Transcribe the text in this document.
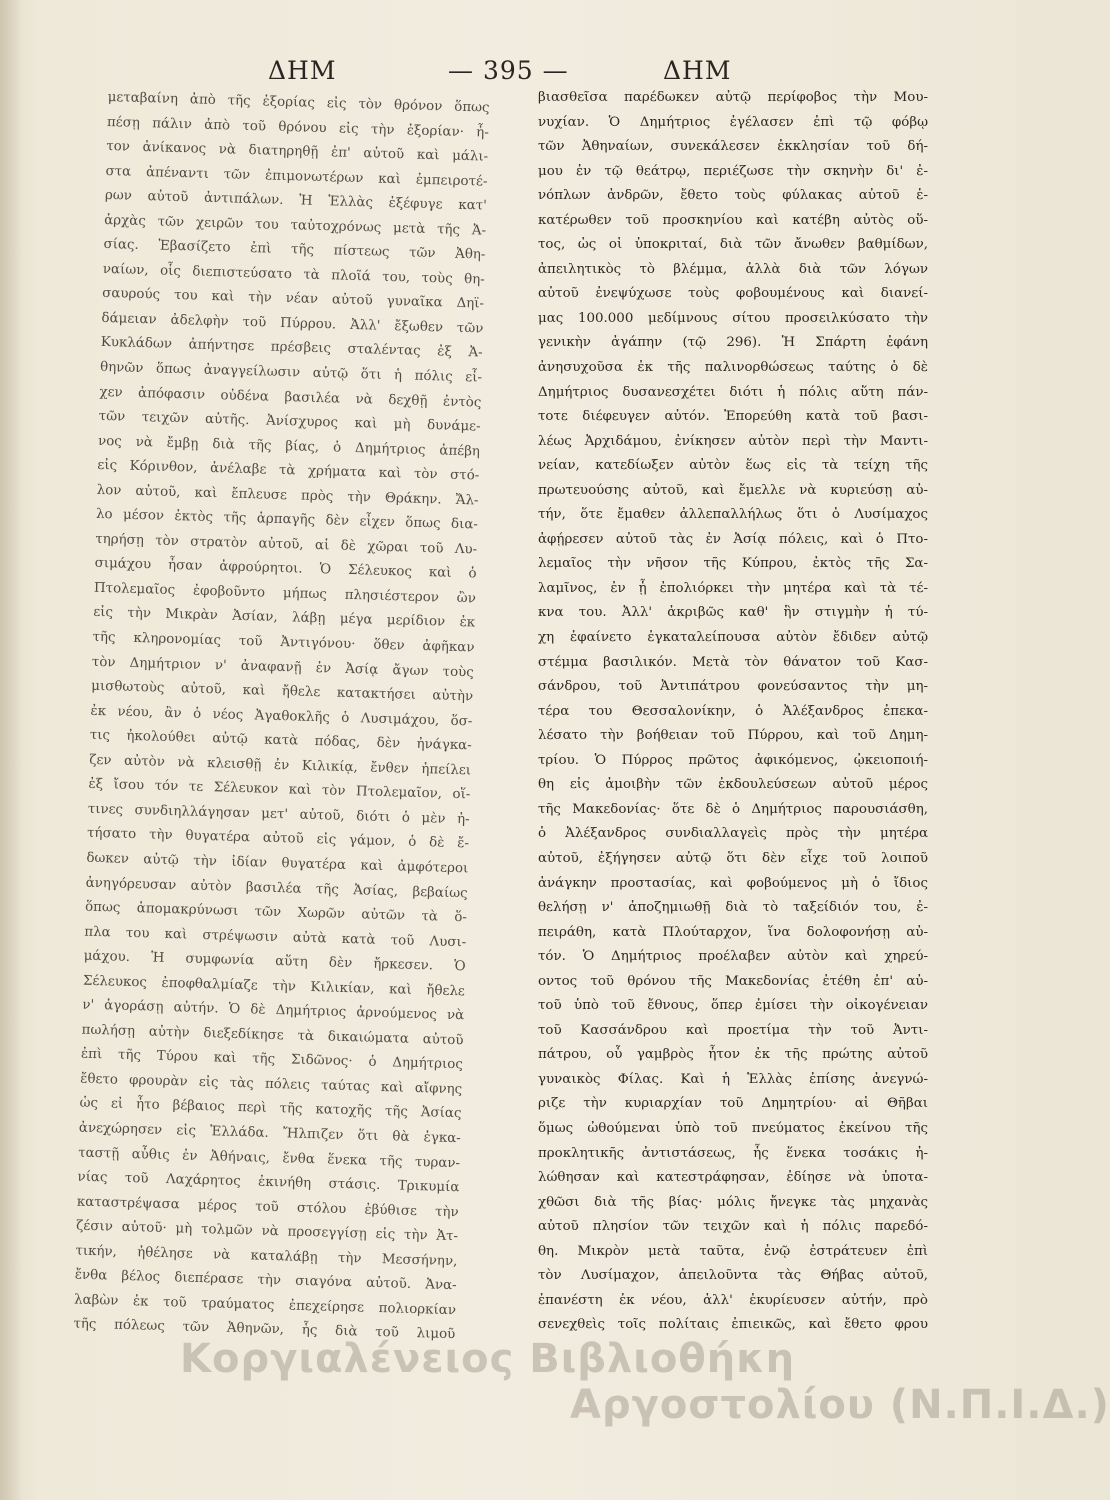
ΔΗΜ	— 395 —	ΔΗΜ
μεταβαίνη ἀπὸ τῆς ἐξορίας εἰς τὸν θρόνον ὅπως
πέσῃ πάλιν ἀπὸ τοῦ θρόνου εἰς τὴν ἐξορίαν· ἦ-
τον ἀνίκανος νὰ διατηρηθῇ ἐπ' αὐτοῦ καὶ μάλι-
στα ἀπέναντι τῶν ἐπιμονωτέρων καὶ ἐμπειροτέ-
ρων αὐτοῦ ἀντιπάλων. Ἡ Ἑλλὰς ἐξέφυγε κατ'
ἀρχὰς τῶν χειρῶν του ταὐτοχρόνως μετὰ τῆς Ἀ-
σίας. Ἐβασίζετο ἐπὶ τῆς πίστεως τῶν Ἀθη-
ναίων, οἷς διεπιστεύσατο τὰ πλοῖά του, τοὺς θη-
σαυρούς του καὶ τὴν νέαν αὐτοῦ γυναῖκα Δηϊ-
δάμειαν ἀδελφὴν τοῦ Πύρρου. Ἀλλ' ἔξωθεν τῶν
Κυκλάδων ἀπήντησε πρέσβεις σταλέντας ἐξ Ἀ-
θηνῶν ὅπως ἀναγγείλωσιν αὐτῷ ὅτι ἡ πόλις εἶ-
χεν ἀπόφασιν οὐδένα βασιλέα νὰ δεχθῇ ἐντὸς
τῶν τειχῶν αὐτῆς. Ἀνίσχυρος καὶ μὴ δυνάμε-
νος νὰ ἔμβῃ διὰ τῆς βίας, ὁ Δημήτριος ἀπέβη
εἰς Κόρινθον, ἀνέλαβε τὰ χρήματα καὶ τὸν στό-
λον αὐτοῦ, καὶ ἔπλευσε πρὸς τὴν Θράκην. Ἄλ-
λο μέσον ἐκτὸς τῆς ἁρπαγῆς δὲν εἶχεν ὅπως δια-
τηρήσῃ τὸν στρατὸν αὐτοῦ, αἱ δὲ χῶραι τοῦ Λυ-
σιμάχου ἦσαν ἀφρούρητοι. Ὁ Σέλευκος καὶ ὁ
Πτολεμαῖος ἐφοβοῦντο μήπως πλησιέστερον ὢν
εἰς τὴν Μικρὰν Ἀσίαν, λάβῃ μέγα μερίδιον ἐκ
τῆς κληρονομίας τοῦ Ἀντιγόνου· ὅθεν ἀφῆκαν
τὸν Δημήτριον ν' ἀναφανῇ ἐν Ἀσίᾳ ἄγων τοὺς
μισθωτοὺς αὐτοῦ, καὶ ἤθελε κατακτήσει αὐτὴν
ἐκ νέου, ἂν ὁ νέος Ἀγαθοκλῆς ὁ Λυσιμάχου, ὅσ-
τις ἠκολούθει αὐτῷ κατὰ πόδας, δὲν ἠνάγκα-
ζεν αὐτὸν νὰ κλεισθῇ ἐν Κιλικίᾳ, ἔνθεν ἠπείλει
ἐξ ἴσου τόν τε Σέλευκον καὶ τὸν Πτολεμαῖον, οἵ-
τινες συνδιηλλάγησαν μετ' αὐτοῦ, διότι ὁ μὲν ἠ-
τήσατο τὴν θυγατέρα αὐτοῦ εἰς γάμον, ὁ δὲ ἔ-
δωκεν αὐτῷ τὴν ἰδίαν θυγατέρα καὶ ἀμφότεροι
ἀνηγόρευσαν αὐτὸν βασιλέα τῆς Ἀσίας, βεβαίως
ὅπως ἀπομακρύνωσι τῶν Χωρῶν αὐτῶν τὰ ὅ-
πλα του καὶ στρέψωσιν αὐτὰ κατὰ τοῦ Λυσι-
μάχου. Ἡ συμφωνία αὕτη δὲν ἤρκεσεν. Ὁ
Σέλευκος ἐποφθαλμίαζε τὴν Κιλικίαν, καὶ ἤθελε
ν' ἀγοράσῃ αὐτήν. Ὁ δὲ Δημήτριος ἀρνούμενος νὰ
πωλήσῃ αὐτὴν διεξεδίκησε τὰ δικαιώματα αὐτοῦ
ἐπὶ τῆς Τύρου καὶ τῆς Σιδῶνος· ὁ Δημήτριος
ἔθετο φρουρὰν εἰς τὰς πόλεις ταύτας καὶ αἴφνης
ὡς εἰ ἦτο βέβαιος περὶ τῆς κατοχῆς τῆς Ἀσίας
ἀνεχώρησεν εἰς Ἑλλάδα. Ἤλπιζεν ὅτι θὰ ἐγκα-
ταστῇ αὖθις ἐν Ἀθήναις, ἔνθα ἕνεκα τῆς τυραν-
νίας τοῦ Λαχάρητος ἐκινήθη στάσις. Τρικυμία
καταστρέψασα μέρος τοῦ στόλου ἐβύθισε τὴν
ζέσιν αὐτοῦ· μὴ τολμῶν νὰ προσεγγίσῃ εἰς τὴν Ἀτ-
τικήν, ἠθέλησε νὰ καταλάβῃ τὴν Μεσσήνην,
ἔνθα βέλος διεπέρασε τὴν σιαγόνα αὐτοῦ. Ἀνα-
λαβὼν ἐκ τοῦ τραύματος ἐπεχείρησε πολιορκίαν
τῆς πόλεως τῶν Ἀθηνῶν, ἧς διὰ τοῦ λιμοῦ
βιασθεῖσα παρέδωκεν αὐτῷ περίφοβος τὴν Μου-
νυχίαν. Ὁ Δημήτριος ἐγέλασεν ἐπὶ τῷ φόβῳ
τῶν Ἀθηναίων, συνεκάλεσεν ἐκκλησίαν τοῦ δή-
μου ἐν τῷ θεάτρῳ, περιέζωσε τὴν σκηνὴν δι' ἐ-
νόπλων ἀνδρῶν, ἔθετο τοὺς φύλακας αὐτοῦ ἑ-
κατέρωθεν τοῦ προσκηνίου καὶ κατέβη αὐτὸς οὕ-
τος, ὡς οἱ ὑποκριταί, διὰ τῶν ἄνωθεν βαθμίδων,
ἀπειλητικὸς τὸ βλέμμα, ἀλλὰ διὰ τῶν λόγων
αὐτοῦ ἐνεψύχωσε τοὺς φοβουμένους καὶ διανεί-
μας 100.000 μεδίμνους σίτου προσειλκύσατο τὴν
γενικὴν ἀγάπην (τῷ 296). Ἡ Σπάρτη ἐφάνη
ἀνησυχοῦσα ἐκ τῆς παλινορθώσεως ταύτης ὁ δὲ
Δημήτριος δυσανεσχέτει διότι ἡ πόλις αὕτη πάν-
τοτε διέφευγεν αὐτόν. Ἐπορεύθη κατὰ τοῦ βασι-
λέως Ἀρχιδάμου, ἐνίκησεν αὐτὸν περὶ τὴν Μαντι-
νείαν, κατεδίωξεν αὐτὸν ἕως εἰς τὰ τείχη τῆς
πρωτευούσης αὐτοῦ, καὶ ἔμελλε νὰ κυριεύσῃ αὐ-
τήν, ὅτε ἔμαθεν ἀλλεπαλλήλως ὅτι ὁ Λυσίμαχος
ἀφῄρεσεν αὐτοῦ τὰς ἐν Ἀσίᾳ πόλεις, καὶ ὁ Πτο-
λεμαῖος τὴν νῆσον τῆς Κύπρου, ἐκτὸς τῆς Σα-
λαμῖνος, ἐν ᾗ ἐπολιόρκει τὴν μητέρα καὶ τὰ τέ-
κνα του. Ἀλλ' ἀκριβῶς καθ' ἣν στιγμὴν ἡ τύ-
χη ἐφαίνετο ἐγκαταλείπουσα αὐτὸν ἔδιδεν αὐτῷ
στέμμα βασιλικόν. Μετὰ τὸν θάνατον τοῦ Κασ-
σάνδρου, τοῦ Ἀντιπάτρου φονεύσαντος τὴν μη-
τέρα του Θεσσαλονίκην, ὁ Ἀλέξανδρος ἐπεκα-
λέσατο τὴν βοήθειαν τοῦ Πύρρου, καὶ τοῦ Δημη-
τρίου. Ὁ Πύρρος πρῶτος ἀφικόμενος, ᾠκειοποιή-
θη εἰς ἀμοιβὴν τῶν ἐκδουλεύσεων αὐτοῦ μέρος
τῆς Μακεδονίας· ὅτε δὲ ὁ Δημήτριος παρουσιάσθη,
ὁ Ἀλέξανδρος συνδιαλλαγεὶς πρὸς τὴν μητέρα
αὐτοῦ, ἐξήγησεν αὐτῷ ὅτι δὲν εἶχε τοῦ λοιποῦ
ἀνάγκην προστασίας, καὶ φοβούμενος μὴ ὁ ἴδιος
θελήσῃ ν' ἀποζημιωθῇ διὰ τὸ ταξείδιόν του, ἐ-
πειράθη, κατὰ Πλούταρχον, ἵνα δολοφονήσῃ αὐ-
τόν. Ὁ Δημήτριος προέλαβεν αὐτὸν καὶ χηρεύ-
οντος τοῦ θρόνου τῆς Μακεδονίας ἐτέθη ἐπ' αὐ-
τοῦ ὑπὸ τοῦ ἔθνους, ὅπερ ἐμίσει τὴν οἰκογένειαν
τοῦ Κασσάνδρου καὶ προετίμα τὴν τοῦ Ἀντι-
πάτρου, οὗ γαμβρὸς ἦτον ἐκ τῆς πρώτης αὐτοῦ
γυναικὸς Φίλας. Καὶ ἡ Ἑλλὰς ἐπίσης ἀνεγνώ-
ριζε τὴν κυριαρχίαν τοῦ Δημητρίου· αἱ Θῆβαι
ὅμως ὠθούμεναι ὑπὸ τοῦ πνεύματος ἐκείνου τῆς
προκλητικῆς ἀντιστάσεως, ἧς ἕνεκα τοσάκις ἠ-
λώθησαν καὶ κατεστράφησαν, ἐδίησε νὰ ὑποτα-
χθῶσι διὰ τῆς βίας· μόλις ἤνεγκε τὰς μηχανὰς
αὐτοῦ πλησίον τῶν τειχῶν καὶ ἡ πόλις παρεδό-
θη. Μικρὸν μετὰ ταῦτα, ἐνῷ ἐστράτευεν ἐπὶ
τὸν Λυσίμαχον, ἀπειλοῦντα τὰς Θήβας αὐτοῦ,
ἐπανέστη ἐκ νέου, ἀλλ' ἐκυρίευσεν αὐτήν, πρὸ
σενεχθεὶς τοῖς πολίταις ἐπιεικῶς, καὶ ἔθετο φρου
Κοργιαλένειος Βιβλιοθήκη
Αργοστολίου (Ν.Π.Ι.Δ.)
